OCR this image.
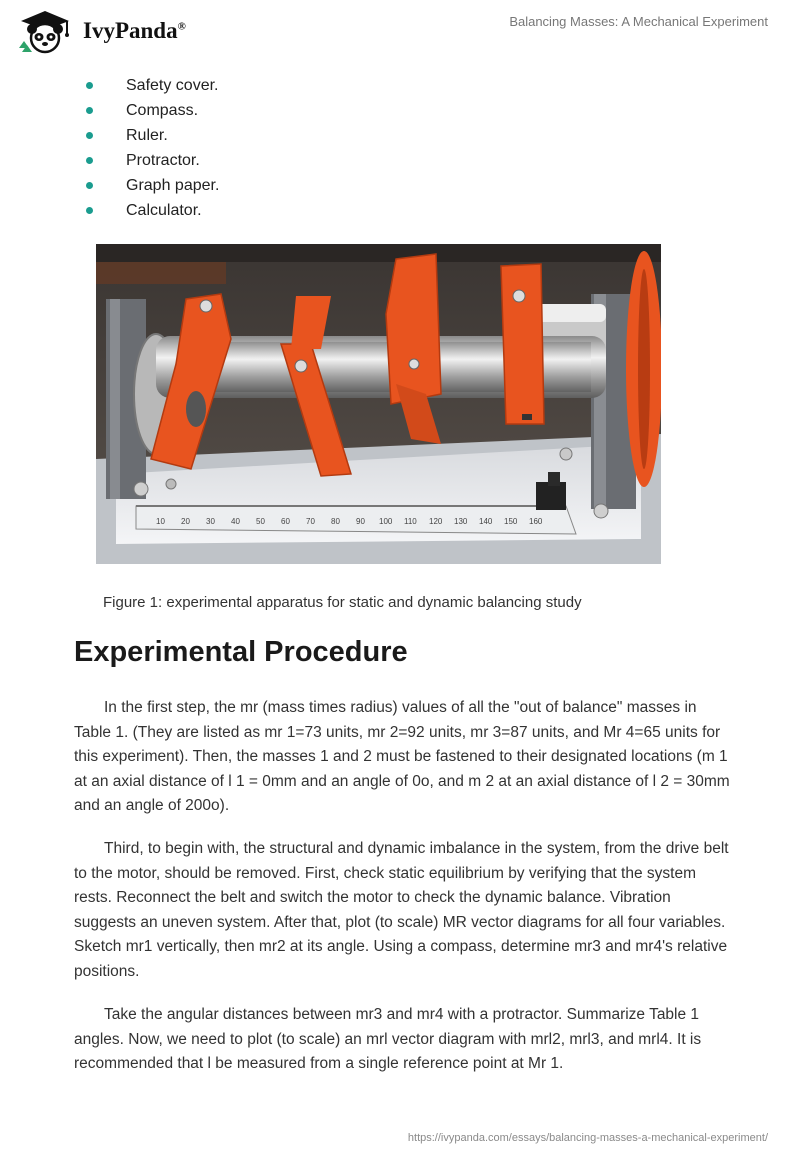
IvyPanda®	Balancing Masses: A Mechanical Experiment
Safety cover.
Compass.
Ruler.
Protractor.
Graph paper.
Calculator.
10 20 30 40 50 60 70 80 90 100 110 120 130 140 150 160
Figure 1: experimental apparatus for static and dynamic balancing study
Experimental Procedure

In the first step, the mr (mass times radius) values of all the "out of balance" masses in Table 1. (They are listed as mr 1=73 units, mr 2=92 units, mr 3=87 units, and Mr 4=65 units for this experiment). Then, the masses 1 and 2 must be fastened to their designated locations (m 1 at an axial distance of l 1 = 0mm and an angle of 0o, and m 2 at an axial distance of l 2 = 30mm and an angle of 200o).

Third, to begin with, the structural and dynamic imbalance in the system, from the drive belt to the motor, should be removed. First, check static equilibrium by verifying that the system rests. Reconnect the belt and switch the motor to check the dynamic balance. Vibration suggests an uneven system. After that, plot (to scale) MR vector diagrams for all four variables. Sketch mr1 vertically, then mr2 at its angle. Using a compass, determine mr3 and mr4's relative positions.

Take the angular distances between mr3 and mr4 with a protractor. Summarize Table 1 angles. Now, we need to plot (to scale) an mrl vector diagram with mrl2, mrl3, and mrl4. It is recommended that l be measured from a single reference point at Mr 1.

https://ivypanda.com/essays/balancing-masses-a-mechanical-experiment/
